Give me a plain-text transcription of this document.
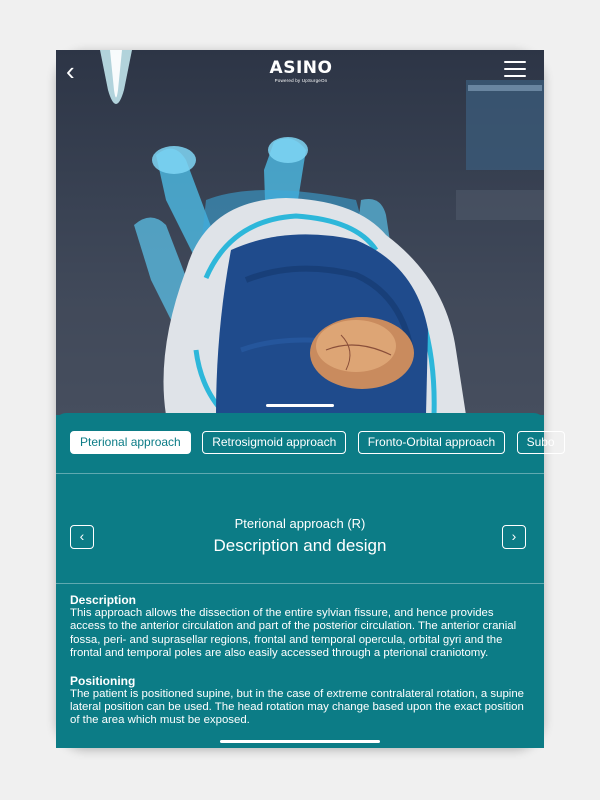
‹	ASINO
Powered by UpSurgeOn
Pterional approach	Retrosigmoid approach	Fronto-Orbital approach	Subo
‹
Pterional approach (R)
Description and design	›
Description

This approach allows the dissection of the entire sylvian fissure, and hence provides access to the anterior circulation and part of the posterior circulation. The anterior cranial fossa, peri- and suprasellar regions, frontal and temporal opercula, orbital gyri and the frontal and temporal poles are also easily accessed through a pterional craniotomy.

Positioning

The patient is positioned supine, but in the case of extreme contralateral rotation, a supine lateral position can be used. The head rotation may change based upon the exact position of the area which must be exposed.
